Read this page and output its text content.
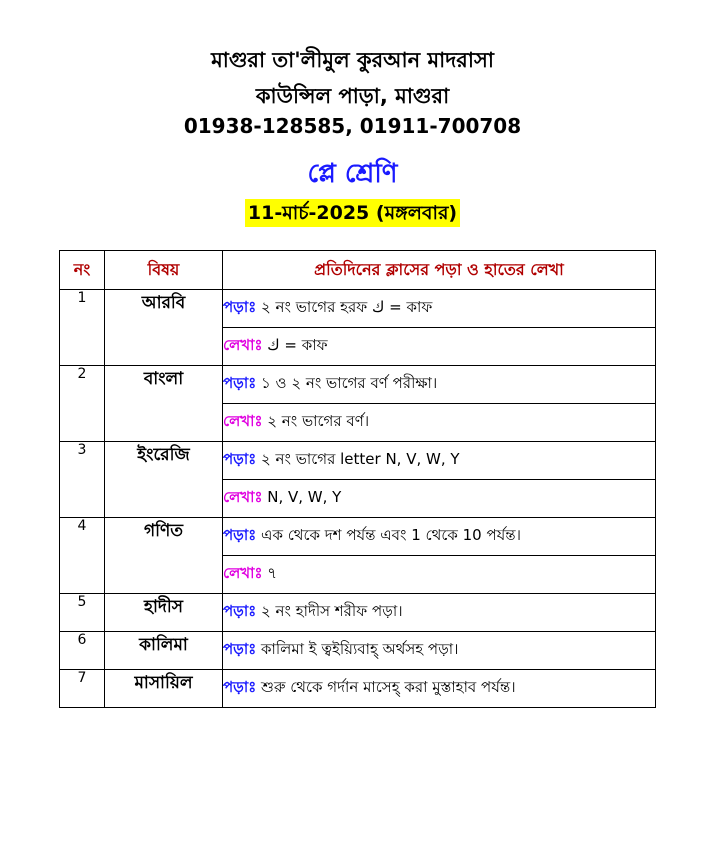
মাগুরা তা'লীমুল কুরআন মাদরাসা
কাউন্সিল পাড়া, মাগুরা
01938-128585, 01911-700708
প্লে শ্রেণি
11-মার্চ-2025 (মঙ্গলবার)
নং	বিষয়	প্রতিদিনের ক্লাসের পড়া ও হাতের লেখা
1	আরবি	পড়াঃ ২ নং ভাগের হরফ ك = কাফ
		লেখাঃ ك = কাফ
2	বাংলা	পড়াঃ ১ ও ২ নং ভাগের বর্ণ পরীক্ষা।
		লেখাঃ ২ নং ভাগের বর্ণ।
3	ইংরেজি	পড়াঃ ২ নং ভাগের letter N, V, W, Y
		লেখাঃ N, V, W, Y
4	গণিত	পড়াঃ এক থেকে দশ পর্যন্ত এবং 1 থেকে 10 পর্যন্ত।
		লেখাঃ ৭
5	হাদীস	পড়াঃ ২ নং হাদীস শরীফ পড়া।
6	কালিমা	পড়াঃ কালিমা ই ত্বইয়্যিবাহ্ অর্থসহ পড়া।
7	মাসায়িল	পড়াঃ শুরু থেকে গর্দান মাসেহ্ করা মুস্তাহাব পর্যন্ত।
